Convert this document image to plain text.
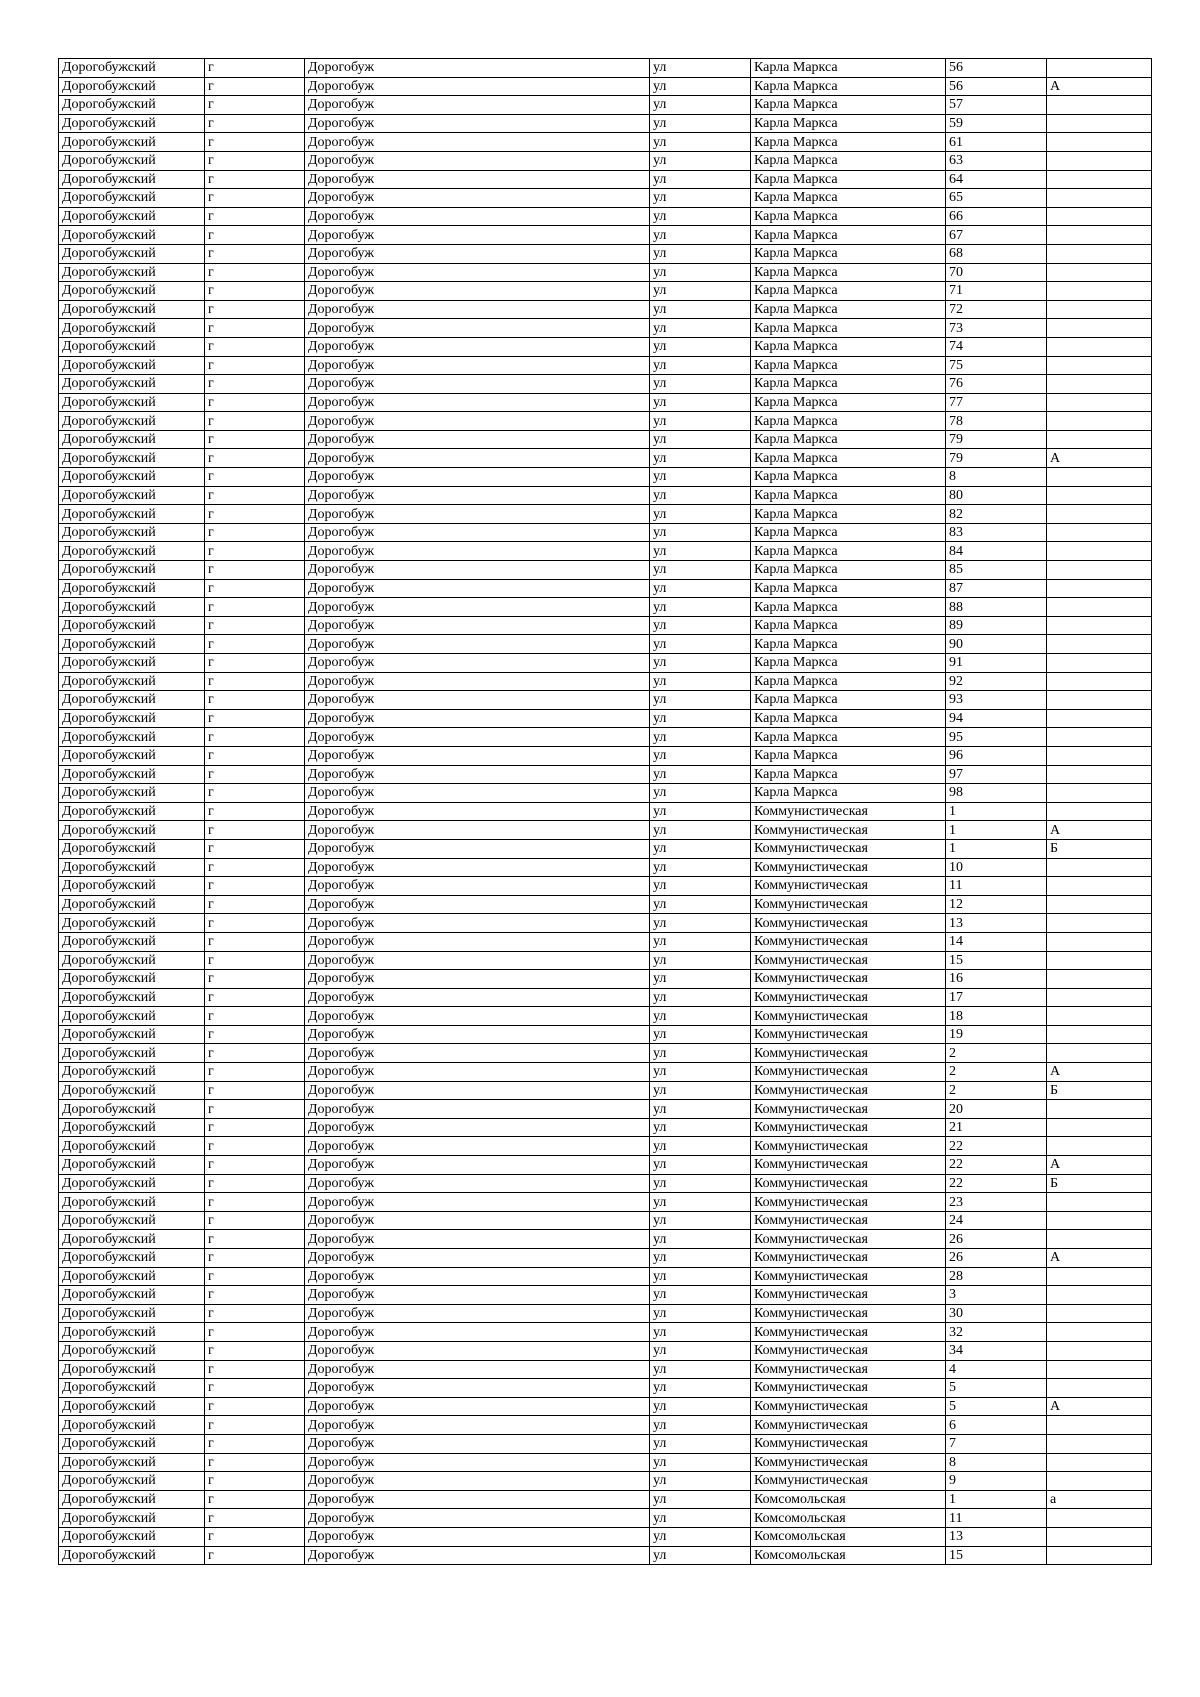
Дорогобужский	г	Дорогобуж	ул	Карла Маркса	56	
Дорогобужский	г	Дорогобуж	ул	Карла Маркса	56	А
Дорогобужский	г	Дорогобуж	ул	Карла Маркса	57	
Дорогобужский	г	Дорогобуж	ул	Карла Маркса	59	
Дорогобужский	г	Дорогобуж	ул	Карла Маркса	61	
Дорогобужский	г	Дорогобуж	ул	Карла Маркса	63	
Дорогобужский	г	Дорогобуж	ул	Карла Маркса	64	
Дорогобужский	г	Дорогобуж	ул	Карла Маркса	65	
Дорогобужский	г	Дорогобуж	ул	Карла Маркса	66	
Дорогобужский	г	Дорогобуж	ул	Карла Маркса	67	
Дорогобужский	г	Дорогобуж	ул	Карла Маркса	68	
Дорогобужский	г	Дорогобуж	ул	Карла Маркса	70	
Дорогобужский	г	Дорогобуж	ул	Карла Маркса	71	
Дорогобужский	г	Дорогобуж	ул	Карла Маркса	72	
Дорогобужский	г	Дорогобуж	ул	Карла Маркса	73	
Дорогобужский	г	Дорогобуж	ул	Карла Маркса	74	
Дорогобужский	г	Дорогобуж	ул	Карла Маркса	75	
Дорогобужский	г	Дорогобуж	ул	Карла Маркса	76	
Дорогобужский	г	Дорогобуж	ул	Карла Маркса	77	
Дорогобужский	г	Дорогобуж	ул	Карла Маркса	78	
Дорогобужский	г	Дорогобуж	ул	Карла Маркса	79	
Дорогобужский	г	Дорогобуж	ул	Карла Маркса	79	А
Дорогобужский	г	Дорогобуж	ул	Карла Маркса	8	
Дорогобужский	г	Дорогобуж	ул	Карла Маркса	80	
Дорогобужский	г	Дорогобуж	ул	Карла Маркса	82	
Дорогобужский	г	Дорогобуж	ул	Карла Маркса	83	
Дорогобужский	г	Дорогобуж	ул	Карла Маркса	84	
Дорогобужский	г	Дорогобуж	ул	Карла Маркса	85	
Дорогобужский	г	Дорогобуж	ул	Карла Маркса	87	
Дорогобужский	г	Дорогобуж	ул	Карла Маркса	88	
Дорогобужский	г	Дорогобуж	ул	Карла Маркса	89	
Дорогобужский	г	Дорогобуж	ул	Карла Маркса	90	
Дорогобужский	г	Дорогобуж	ул	Карла Маркса	91	
Дорогобужский	г	Дорогобуж	ул	Карла Маркса	92	
Дорогобужский	г	Дорогобуж	ул	Карла Маркса	93	
Дорогобужский	г	Дорогобуж	ул	Карла Маркса	94	
Дорогобужский	г	Дорогобуж	ул	Карла Маркса	95	
Дорогобужский	г	Дорогобуж	ул	Карла Маркса	96	
Дорогобужский	г	Дорогобуж	ул	Карла Маркса	97	
Дорогобужский	г	Дорогобуж	ул	Карла Маркса	98	
Дорогобужский	г	Дорогобуж	ул	Коммунистическая	1	
Дорогобужский	г	Дорогобуж	ул	Коммунистическая	1	А
Дорогобужский	г	Дорогобуж	ул	Коммунистическая	1	Б
Дорогобужский	г	Дорогобуж	ул	Коммунистическая	10	
Дорогобужский	г	Дорогобуж	ул	Коммунистическая	11	
Дорогобужский	г	Дорогобуж	ул	Коммунистическая	12	
Дорогобужский	г	Дорогобуж	ул	Коммунистическая	13	
Дорогобужский	г	Дорогобуж	ул	Коммунистическая	14	
Дорогобужский	г	Дорогобуж	ул	Коммунистическая	15	
Дорогобужский	г	Дорогобуж	ул	Коммунистическая	16	
Дорогобужский	г	Дорогобуж	ул	Коммунистическая	17	
Дорогобужский	г	Дорогобуж	ул	Коммунистическая	18	
Дорогобужский	г	Дорогобуж	ул	Коммунистическая	19	
Дорогобужский	г	Дорогобуж	ул	Коммунистическая	2	
Дорогобужский	г	Дорогобуж	ул	Коммунистическая	2	А
Дорогобужский	г	Дорогобуж	ул	Коммунистическая	2	Б
Дорогобужский	г	Дорогобуж	ул	Коммунистическая	20	
Дорогобужский	г	Дорогобуж	ул	Коммунистическая	21	
Дорогобужский	г	Дорогобуж	ул	Коммунистическая	22	
Дорогобужский	г	Дорогобуж	ул	Коммунистическая	22	А
Дорогобужский	г	Дорогобуж	ул	Коммунистическая	22	Б
Дорогобужский	г	Дорогобуж	ул	Коммунистическая	23	
Дорогобужский	г	Дорогобуж	ул	Коммунистическая	24	
Дорогобужский	г	Дорогобуж	ул	Коммунистическая	26	
Дорогобужский	г	Дорогобуж	ул	Коммунистическая	26	А
Дорогобужский	г	Дорогобуж	ул	Коммунистическая	28	
Дорогобужский	г	Дорогобуж	ул	Коммунистическая	3	
Дорогобужский	г	Дорогобуж	ул	Коммунистическая	30	
Дорогобужский	г	Дорогобуж	ул	Коммунистическая	32	
Дорогобужский	г	Дорогобуж	ул	Коммунистическая	34	
Дорогобужский	г	Дорогобуж	ул	Коммунистическая	4	
Дорогобужский	г	Дорогобуж	ул	Коммунистическая	5	
Дорогобужский	г	Дорогобуж	ул	Коммунистическая	5	А
Дорогобужский	г	Дорогобуж	ул	Коммунистическая	6	
Дорогобужский	г	Дорогобуж	ул	Коммунистическая	7	
Дорогобужский	г	Дорогобуж	ул	Коммунистическая	8	
Дорогобужский	г	Дорогобуж	ул	Коммунистическая	9	
Дорогобужский	г	Дорогобуж	ул	Комсомольская	1	а
Дорогобужский	г	Дорогобуж	ул	Комсомольская	11	
Дорогобужский	г	Дорогобуж	ул	Комсомольская	13	
Дорогобужский	г	Дорогобуж	ул	Комсомольская	15	
